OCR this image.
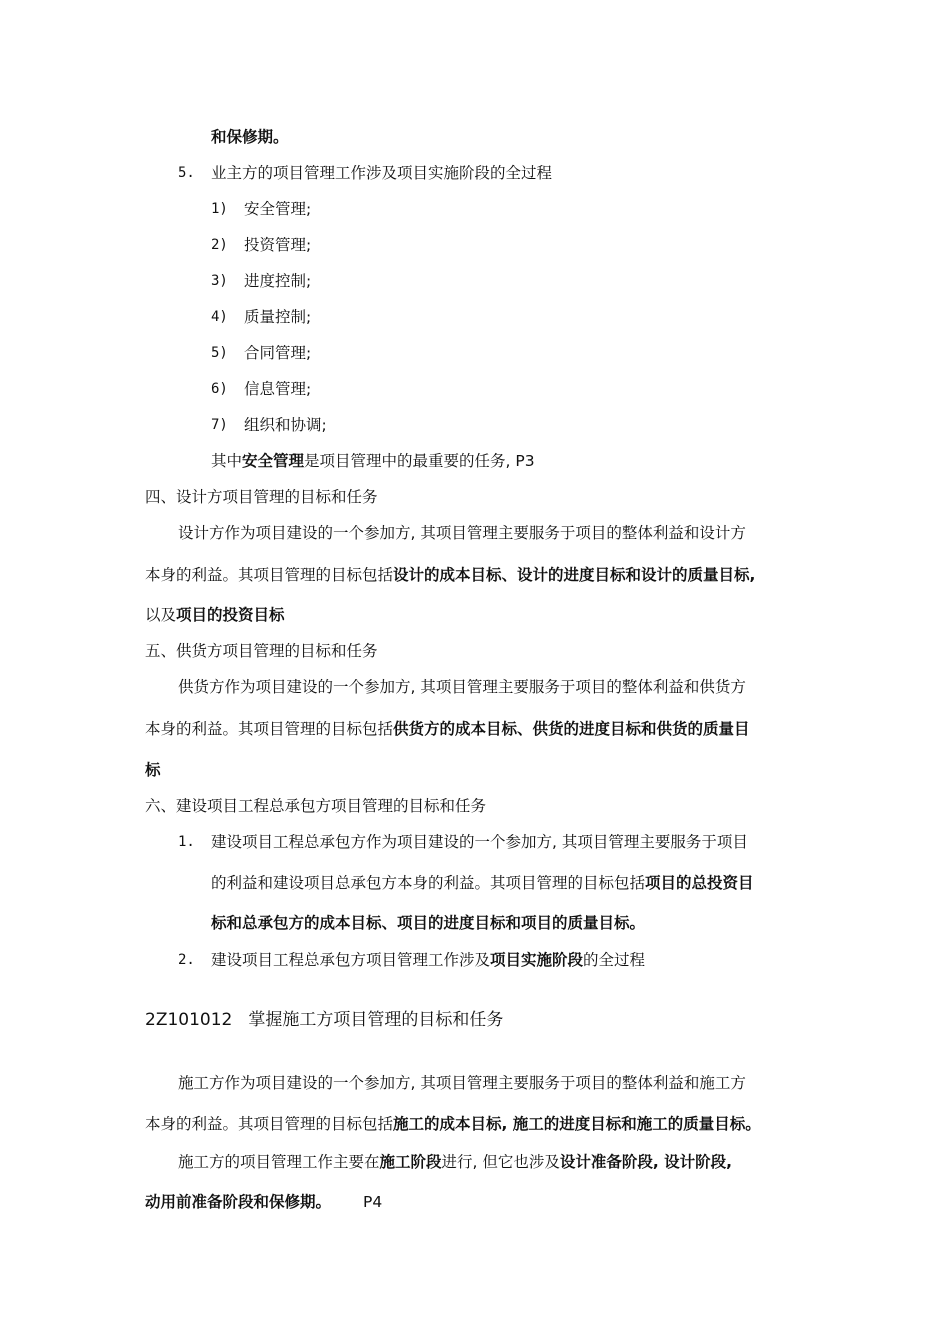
和保修期。
5. 业主方的项目管理工作涉及项目实施阶段的全过程
1) 安全管理;
2) 投资管理;
3) 进度控制;
4) 质量控制;
5) 合同管理;
6) 信息管理;
7) 组织和协调;
其中安全管理是项目管理中的最重要的任务, P3
四、设计方项目管理的目标和任务
设计方作为项目建设的一个参加方, 其项目管理主要服务于项目的整体利益和设计方
本身的利益。其项目管理的目标包括设计的成本目标、设计的进度目标和设计的质量目标,
以及项目的投资目标
五、供货方项目管理的目标和任务
供货方作为项目建设的一个参加方, 其项目管理主要服务于项目的整体利益和供货方
本身的利益。其项目管理的目标包括供货方的成本目标、供货的进度目标和供货的质量目
标
六、建设项目工程总承包方项目管理的目标和任务
1. 建设项目工程总承包方作为项目建设的一个参加方, 其项目管理主要服务于项目
的利益和建设项目总承包方本身的利益。其项目管理的目标包括项目的总投资目
标和总承包方的成本目标、项目的进度目标和项目的质量目标。
2. 建设项目工程总承包方项目管理工作涉及项目实施阶段的全过程
2Z101012 掌握施工方项目管理的目标和任务
施工方作为项目建设的一个参加方, 其项目管理主要服务于项目的整体利益和施工方
本身的利益。其项目管理的目标包括施工的成本目标, 施工的进度目标和施工的质量目标。
施工方的项目管理工作主要在施工阶段进行, 但它也涉及设计准备阶段, 设计阶段,
动用前准备阶段和保修期。 P4
